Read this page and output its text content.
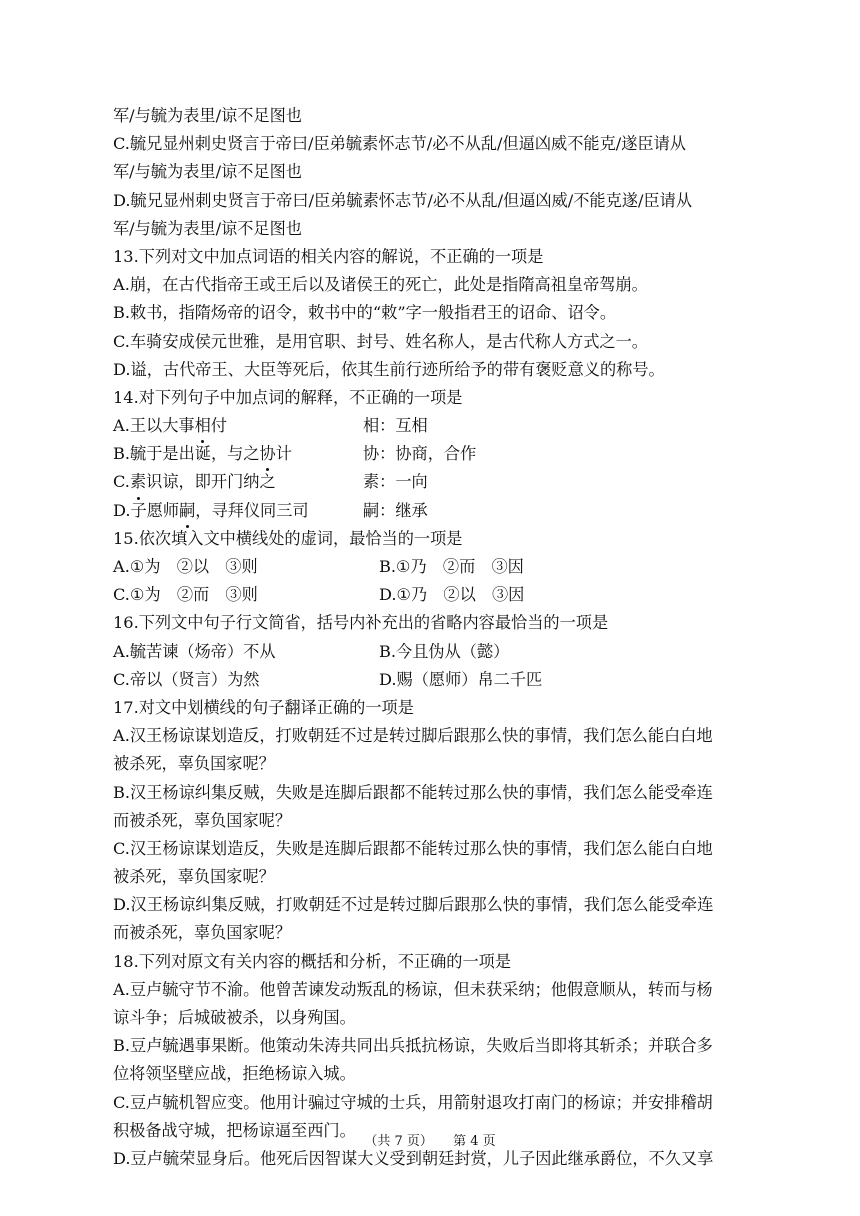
军/与毓为表里/谅不足图也
C.毓兄显州刺史贤言于帝曰/臣弟毓素怀志节/必不从乱/但逼凶威不能克/遂臣请从
军/与毓为表里/谅不足图也
D.毓兄显州刺史贤言于帝曰/臣弟毓素怀志节/必不从乱/但逼凶威/不能克遂/臣请从
军/与毓为表里/谅不足图也
13.下列对文中加点词语的相关内容的解说，不正确的一项是
A.崩，在古代指帝王或王后以及诸侯王的死亡，此处是指隋高祖皇帝驾崩。
B.敕书，指隋炀帝的诏令，敕书中的“敕”字一般指君王的诏命、诏令。
C.车骑安成侯元世雅，是用官职、封号、姓名称人，是古代称人方式之一。
D.谥，古代帝王、大臣等死后，依其生前行迹所给予的带有褒贬意义的称号。
14.对下列句子中加点词的解释，不正确的一项是
A.王以大事相付	相：互相
B.毓于是出诞，与之协计	协：协商，合作
C.素识谅，即开门纳之	素：一向
D.子愿师嗣，寻拜仪同三司	嗣：继承
15.依次填入文中横线处的虚词，最恰当的一项是
A.①为　②以　③则	B.①乃　②而　③因
C.①为　②而　③则	D.①乃　②以　③因
16.下列文中句子行文简省，括号内补充出的省略内容最恰当的一项是
A.毓苦谏（炀帝）不从	B.今且伪从（懿）
C.帝以（贤言）为然	D.赐（愿师）帛二千匹
17.对文中划横线的句子翻译正确的一项是
A.汉王杨谅谋划造反，打败朝廷不过是转过脚后跟那么快的事情，我们怎么能白白地
被杀死，辜负国家呢？
B.汉王杨谅纠集反贼，失败是连脚后跟都不能转过那么快的事情，我们怎么能受牵连
而被杀死，辜负国家呢？
C.汉王杨谅谋划造反，失败是连脚后跟都不能转过那么快的事情，我们怎么能白白地
被杀死，辜负国家呢？
D.汉王杨谅纠集反贼，打败朝廷不过是转过脚后跟那么快的事情，我们怎么能受牵连
而被杀死，辜负国家呢？
18.下列对原文有关内容的概括和分析，不正确的一项是
A.豆卢毓守节不渝。他曾苦谏发动叛乱的杨谅，但未获采纳；他假意顺从，转而与杨
谅斗争；后城破被杀，以身殉国。
B.豆卢毓遇事果断。他策动朱涛共同出兵抵抗杨谅，失败后当即将其斩杀；并联合多
位将领坚壁应战，拒绝杨谅入城。
C.豆卢毓机智应变。他用计骗过守城的士兵，用箭射退攻打南门的杨谅；并安排稽胡
积极备战守城，把杨谅逼至西门。
D.豆卢毓荣显身后。他死后因智谋大义受到朝廷封赏，儿子因此继承爵位，不久又享
（共 7 页） 第 4 页
